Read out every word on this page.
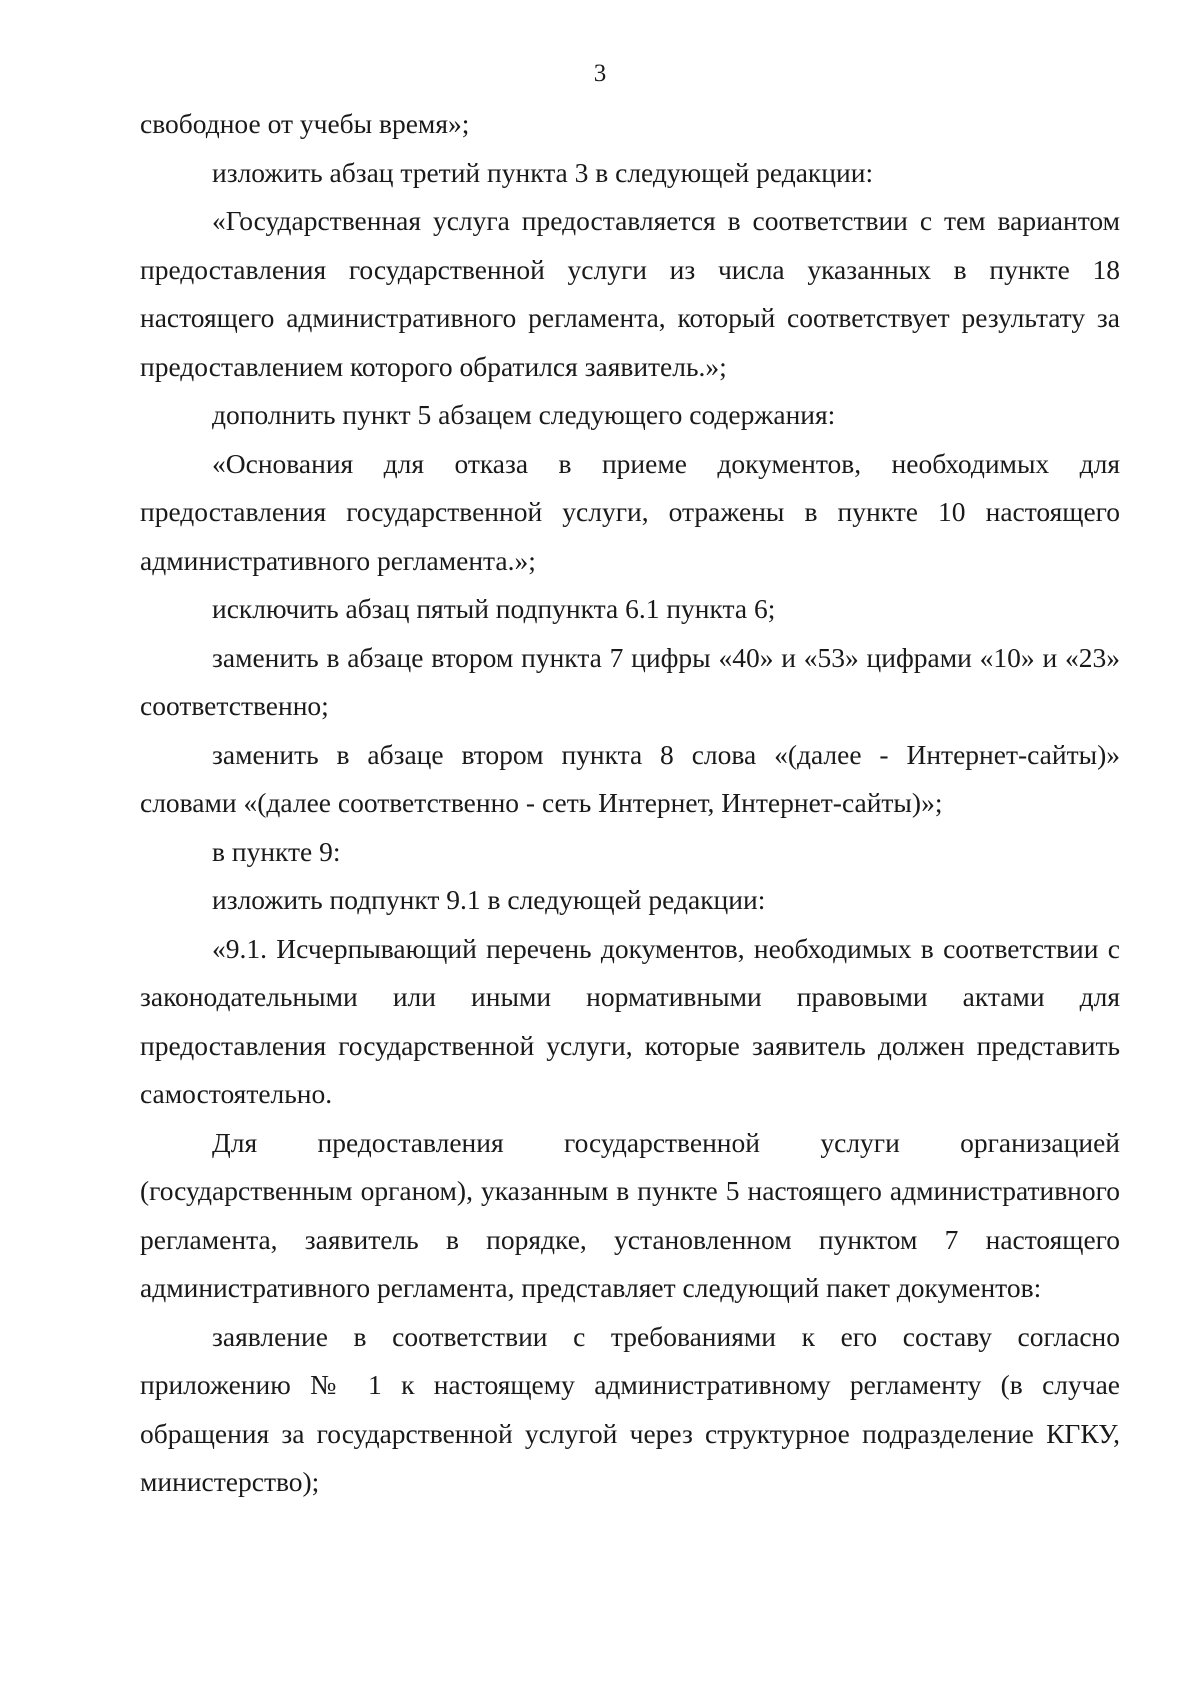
3

свободное от учебы время»;

изложить абзац третий пункта 3 в следующей редакции:

«Государственная услуга предоставляется в соответствии с тем вариантом предоставления государственной услуги из числа указанных в пункте 18 настоящего административного регламента, который соответствует результату за предоставлением которого обратился заявитель.»;

дополнить пункт 5 абзацем следующего содержания:

«Основания для отказа в приеме документов, необходимых для предоставления государственной услуги, отражены в пункте 10 настоящего административного регламента.»;

исключить абзац пятый подпункта 6.1 пункта 6;

заменить в абзаце втором пункта 7 цифры «40» и «53» цифрами «10» и «23» соответственно;

заменить в абзаце втором пункта 8 слова «(далее - Интернет-сайты)» словами «(далее соответственно - сеть Интернет, Интернет-сайты)»;

в пункте 9:

изложить подпункт 9.1 в следующей редакции:

«9.1. Исчерпывающий перечень документов, необходимых в соответствии с законодательными или иными нормативными правовыми актами для предоставления государственной услуги, которые заявитель должен представить самостоятельно.

Для предоставления государственной услуги организацией (государственным органом), указанным в пункте 5 настоящего административного регламента, заявитель в порядке, установленном пунктом 7 настоящего административного регламента, представляет следующий пакет документов:

заявление в соответствии с требованиями к его составу согласно приложению № 1 к настоящему административному регламенту (в случае обращения за государственной услугой через структурное подразделение КГКУ, министерство);
